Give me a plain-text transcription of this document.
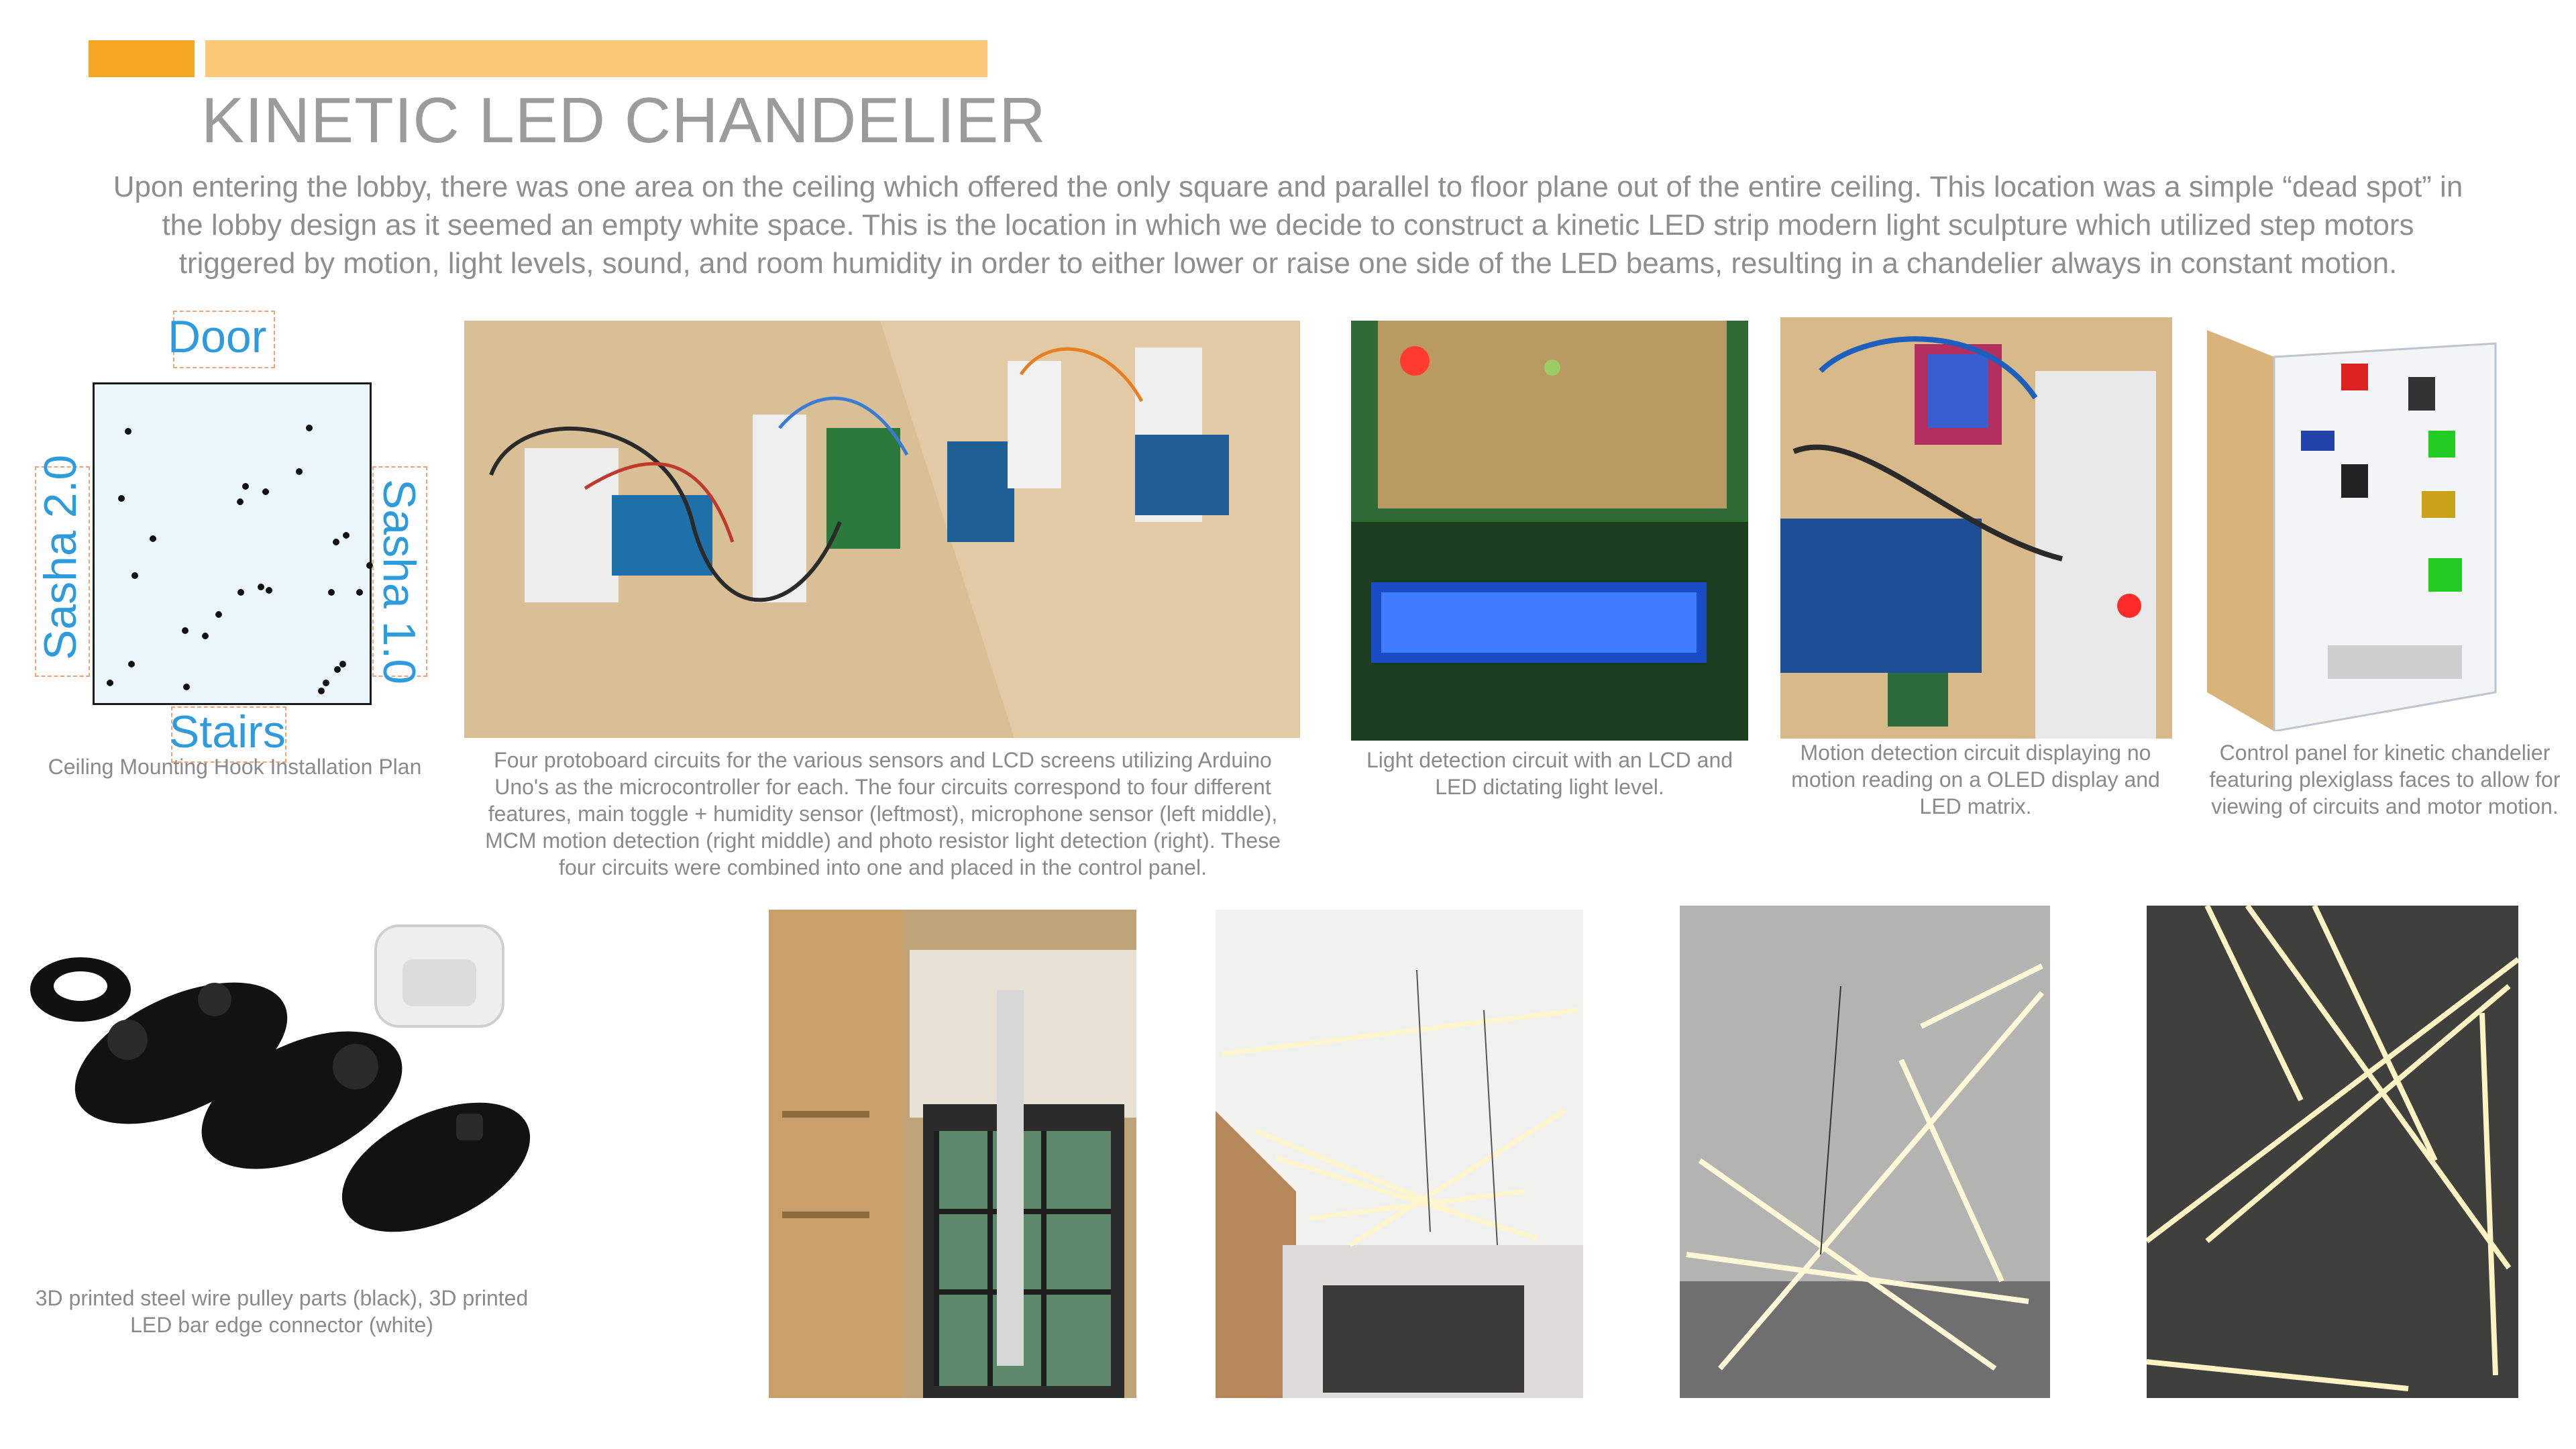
KINETIC LED CHANDELIER
Upon entering the lobby, there was one area on the ceiling which offered the only square and parallel to floor plane out of the entire ceiling. This location was a simple “dead spot” in the lobby design as it seemed an empty white space. This is the location in which we decide to construct a kinetic LED strip modern light sculpture which utilized step motors triggered by motion, light levels, sound, and room humidity in order to either lower or raise one side of the LED beams, resulting in a chandelier always in constant motion.
Door
Sasha 2.0	Sasha 1.0
Stairs
Ceiling Mounting Hook Installation Plan	Four protoboard circuits for the various sensors and LCD screens utilizing Arduino Uno's as the microcontroller for each. The four circuits correspond to four different features, main toggle + humidity sensor (leftmost), microphone sensor (left middle), MCM motion detection (right middle) and photo resistor light detection (right). These four circuits were combined into one and placed in the control panel.
Light detection circuit with an LCD and LED dictating light level.
Motion detection circuit displaying no motion reading on a OLED display and LED matrix.
Control panel for kinetic chandelier featuring plexiglass faces to allow for viewing of circuits and motor motion.
3D printed steel wire pulley parts (black), 3D printed LED bar edge connector (white)
